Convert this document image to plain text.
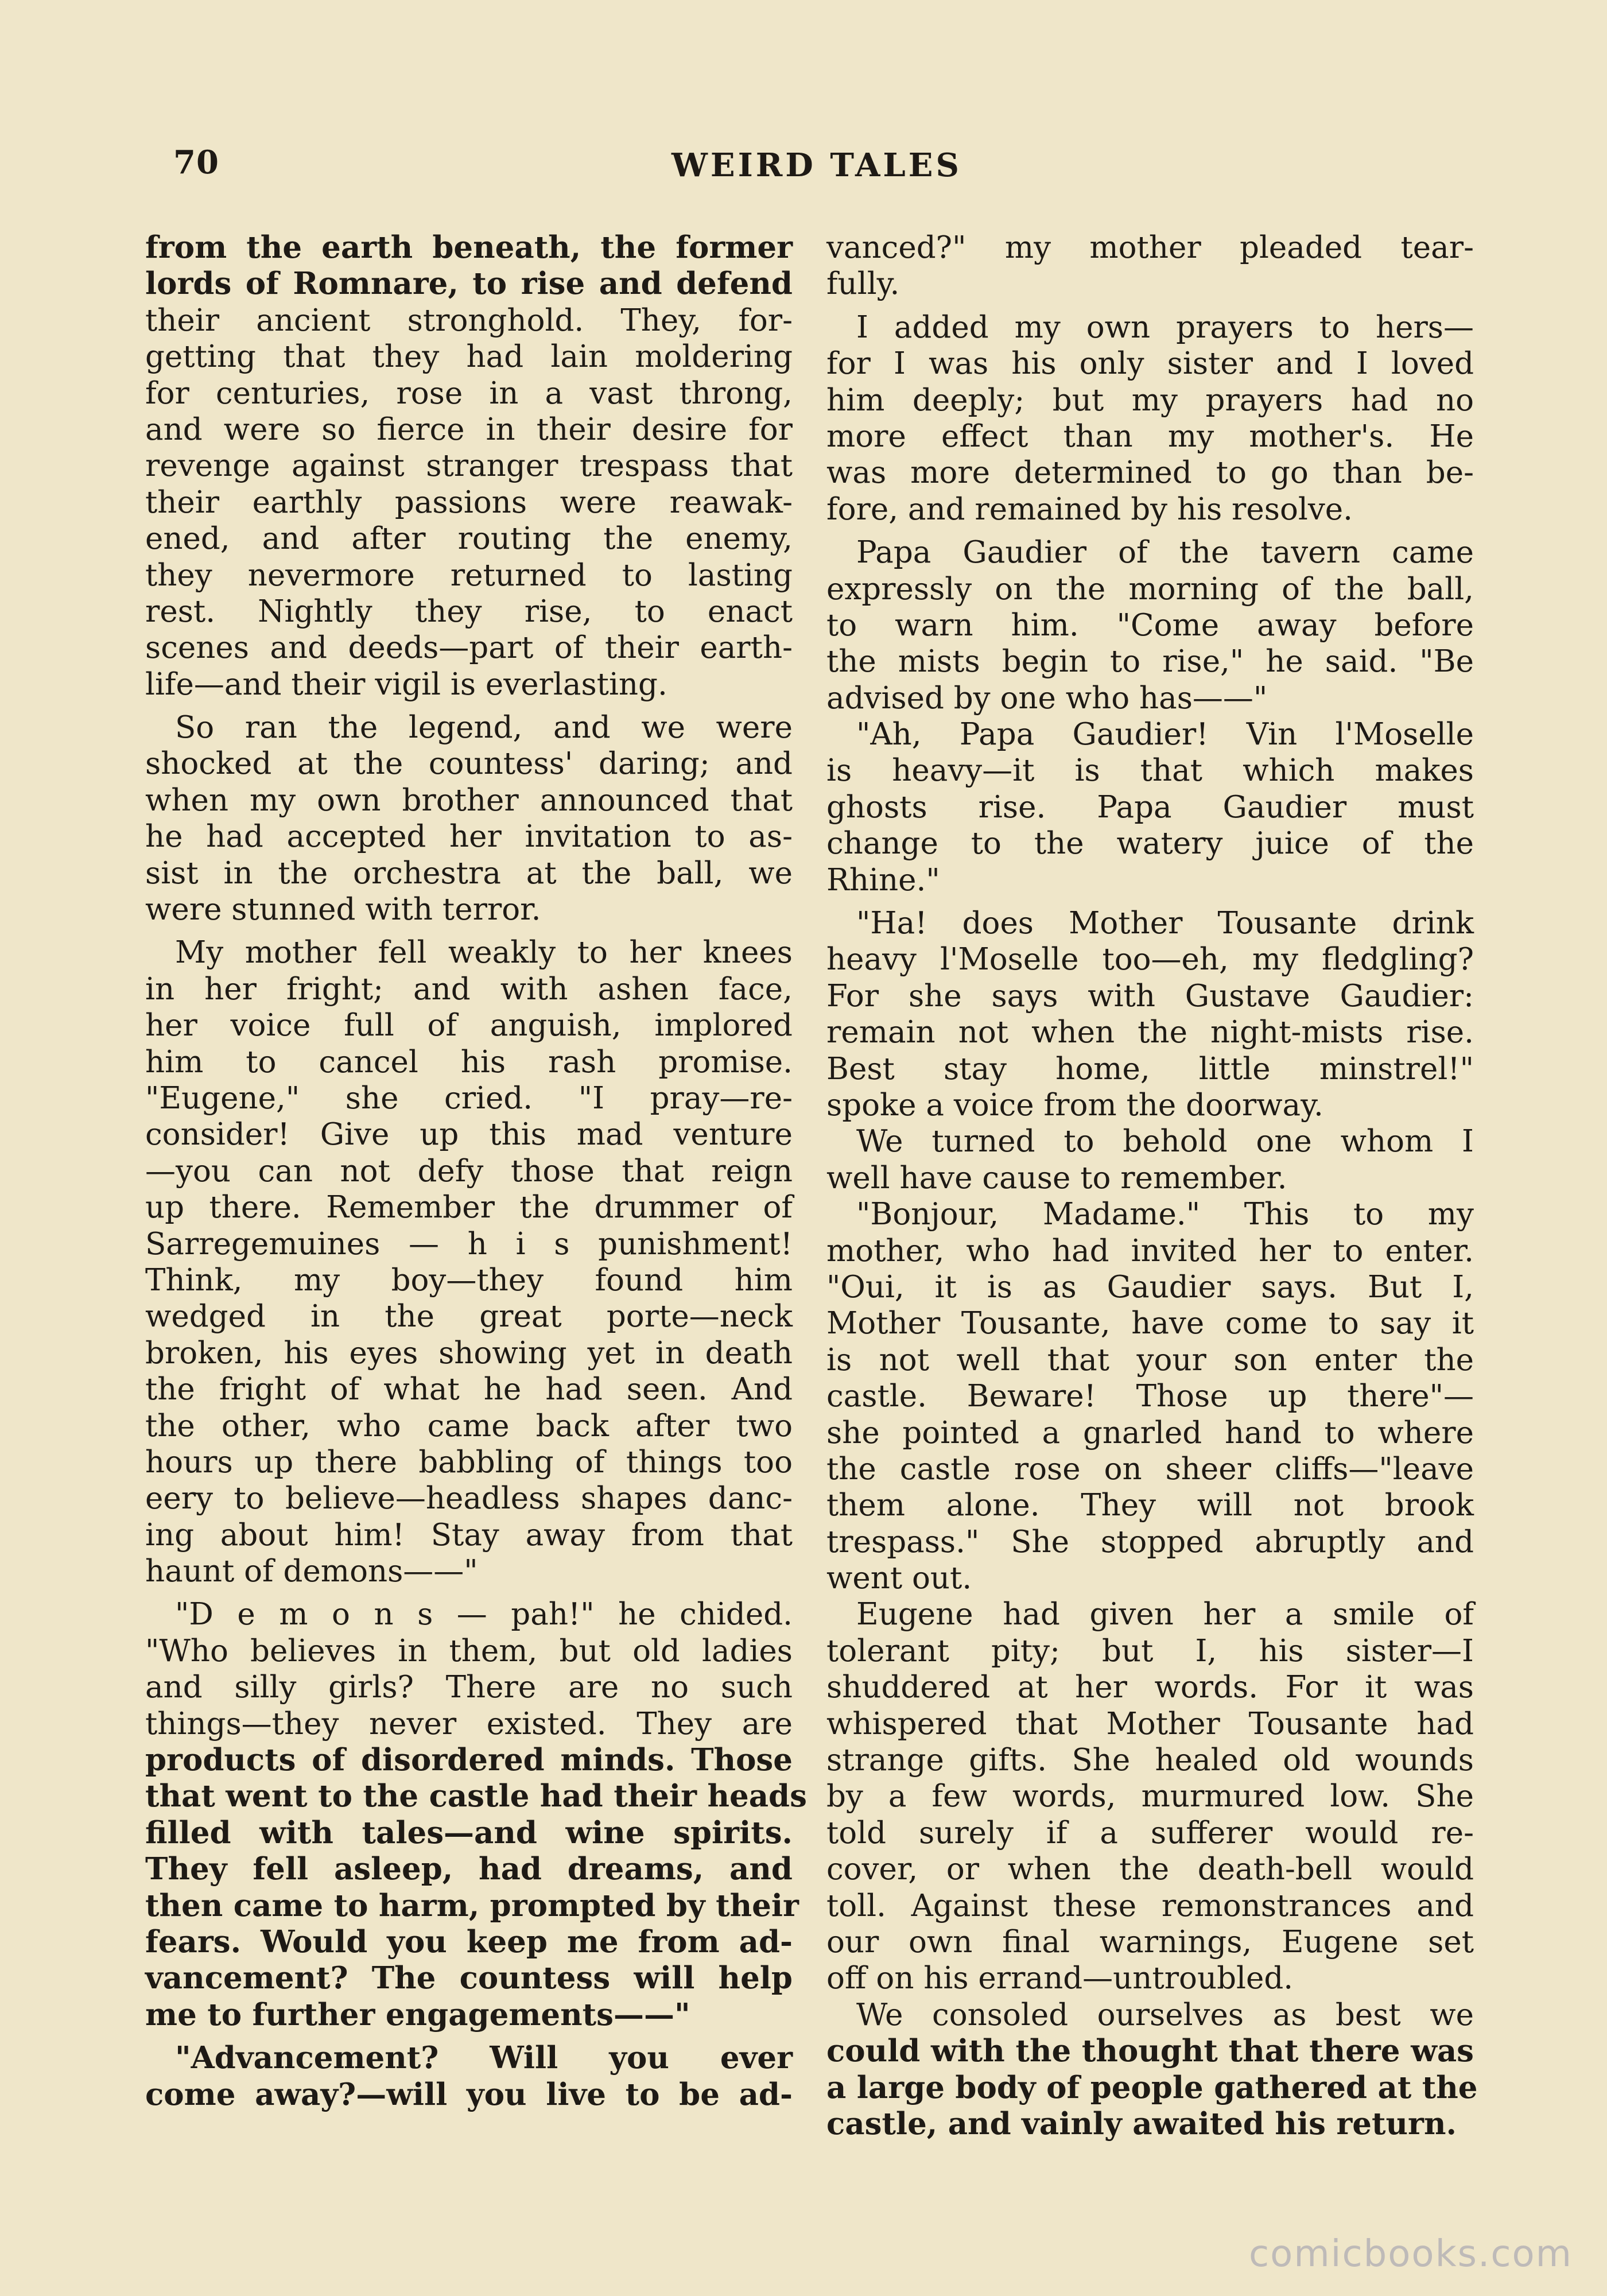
70	WEIRD TALES
from the earth beneath, the former
lords of Romnare, to rise and defend
their ancient stronghold. They, for-
getting that they had lain moldering
for centuries, rose in a vast throng,
and were so fierce in their desire for
revenge against stranger trespass that
their earthly passions were reawak-
ened, and after routing the enemy,
they nevermore returned to lasting
rest. Nightly they rise, to enact
scenes and deeds—part of their earth-
life—and their vigil is everlasting.
So ran the legend, and we were
shocked at the countess' daring; and
when my own brother announced that
he had accepted her invitation to as-
sist in the orchestra at the ball, we
were stunned with terror.
My mother fell weakly to her knees
in her fright; and with ashen face,
her voice full of anguish, implored
him to cancel his rash promise.
"Eugene," she cried. "I pray—re-
consider! Give up this mad venture
—you can not defy those that reign
up there. Remember the drummer of
Sarregemuines — h i s punishment!
Think, my boy—they found him
wedged in the great porte—neck
broken, his eyes showing yet in death
the fright of what he had seen. And
the other, who came back after two
hours up there babbling of things too
eery to believe—headless shapes danc-
ing about him! Stay away from that
haunt of demons——"
"D e m o n s — pah!" he chided.
"Who believes in them, but old ladies
and silly girls? There are no such
things—they never existed. They are
products of disordered minds. Those
that went to the castle had their heads
filled with tales—and wine spirits.
They fell asleep, had dreams, and
then came to harm, prompted by their
fears. Would you keep me from ad-
vancement? The countess will help
me to further engagements——"
"Advancement? Will you ever
come away?—will you live to be ad-
vanced?" my mother pleaded tear-
fully.
I added my own prayers to hers—
for I was his only sister and I loved
him deeply; but my prayers had no
more effect than my mother's. He
was more determined to go than be-
fore, and remained by his resolve.
Papa Gaudier of the tavern came
expressly on the morning of the ball,
to warn him. "Come away before
the mists begin to rise," he said. "Be
advised by one who has——"
"Ah, Papa Gaudier! Vin l'Moselle
is heavy—it is that which makes
ghosts rise. Papa Gaudier must
change to the watery juice of the
Rhine."
"Ha! does Mother Tousante drink
heavy l'Moselle too—eh, my fledgling?
For she says with Gustave Gaudier:
remain not when the night-mists rise.
Best stay home, little minstrel!"
spoke a voice from the doorway.
We turned to behold one whom I
well have cause to remember.
"Bonjour, Madame." This to my
mother, who had invited her to enter.
"Oui, it is as Gaudier says. But I,
Mother Tousante, have come to say it
is not well that your son enter the
castle. Beware! Those up there"—
she pointed a gnarled hand to where
the castle rose on sheer cliffs—"leave
them alone. They will not brook
trespass." She stopped abruptly and
went out.
Eugene had given her a smile of
tolerant pity; but I, his sister—I
shuddered at her words. For it was
whispered that Mother Tousante had
strange gifts. She healed old wounds
by a few words, murmured low. She
told surely if a sufferer would re-
cover, or when the death-bell would
toll. Against these remonstrances and
our own final warnings, Eugene set
off on his errand—untroubled.
We consoled ourselves as best we
could with the thought that there was
a large body of people gathered at the
castle, and vainly awaited his return.
comicbooks.com
